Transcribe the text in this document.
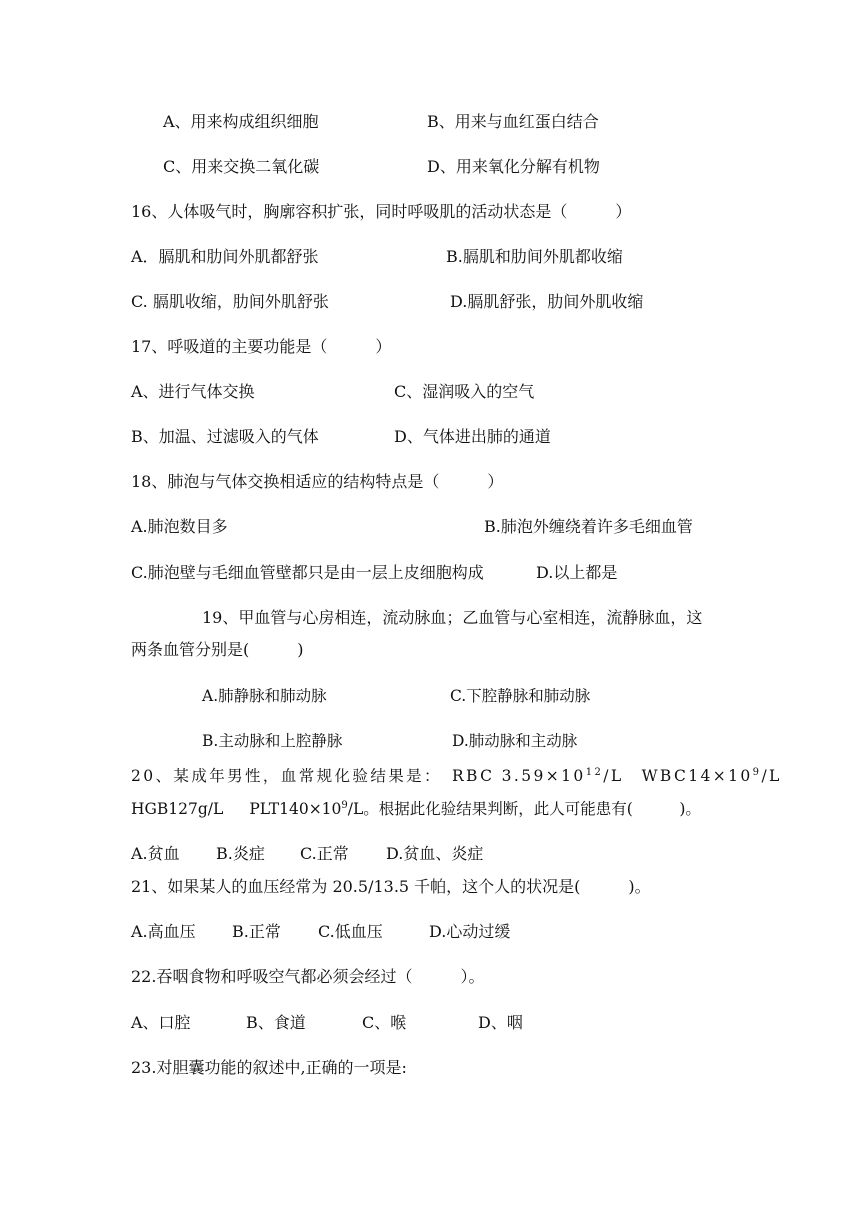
A、用来构成组织细胞	B、用来与血红蛋白结合
C、用来交换二氧化碳	D、用来氧化分解有机物
16、人体吸气时，胸廓容积扩张，同时呼吸肌的活动状态是（　　　）
A．膈肌和肋间外肌都舒张	B.膈肌和肋间外肌都收缩
C. 膈肌收缩，肋间外肌舒张	D.膈肌舒张，肋间外肌收缩
17、呼吸道的主要功能是（　　　）
A、进行气体交换	C、湿润吸入的空气
B、加温、过滤吸入的气体	D、气体进出肺的通道
18、肺泡与气体交换相适应的结构特点是（　　　）
A.肺泡数目多	B.肺泡外缠绕着许多毛细血管
C.肺泡壁与毛细血管壁都只是由一层上皮细胞构成	D.以上都是
19、甲血管与心房相连，流动脉血；乙血管与心室相连，流静脉血，这
两条血管分别是(　　　)
A.肺静脉和肺动脉	C.下腔静脉和肺动脉
B.主动脉和上腔静脉	D.肺动脉和主动脉
20、某成年男性，血常规化验结果是： RBC $3.59\times 10^{12}/L$ $WBC14\times 10^9/L$
HGB127g/L $PLT140\times 10^9/L$。根据此化验结果判断，此人可能患有(　　　)。
A.贫血 B.炎症 C.正常 D.贫血、炎症
21、如果某人的血压经常为 20.5/13.5 千帕，这个人的状况是(　　　)。
A.高血压 B.正常 C.低血压	D.心动过缓
22.吞咽食物和呼吸空气都必须会经过（　　　）。
A、口腔	B、食道	C、喉	D、咽
23.对胆囊功能的叙述中,正确的一项是:
